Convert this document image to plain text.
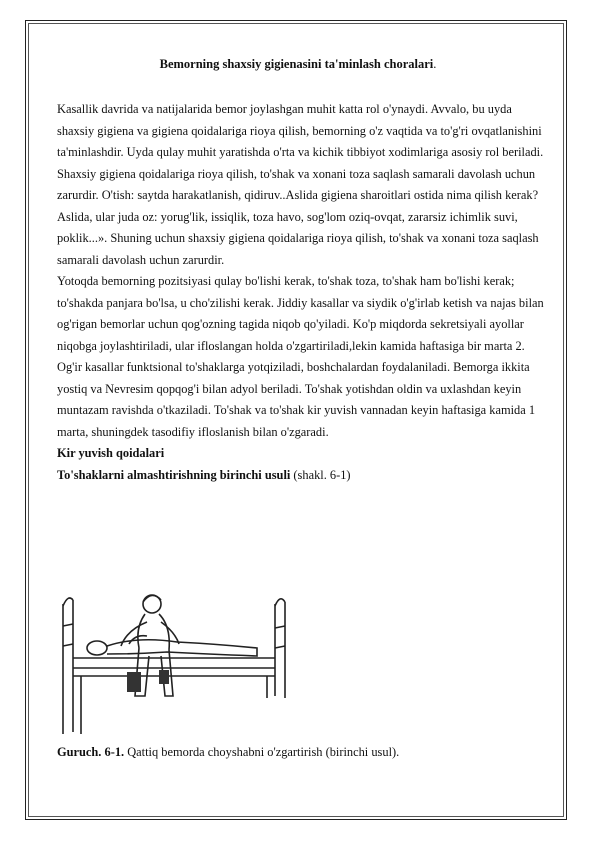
Bemorning shaxsiy gigienasini ta'minlash choralari.

Kasallik davrida va natijalarida bemor joylashgan muhit katta rol o'ynaydi. Avvalo, bu uyda shaxsiy gigiena va gigiena qoidalariga rioya qilish, bemorning o'z vaqtida va to'g'ri ovqatlanishini ta'minlashdir. Uyda qulay muhit yaratishda o'rta va kichik tibbiyot xodimlariga asosiy rol beriladi. Shaxsiy gigiena qoidalariga rioya qilish, to'shak va xonani toza saqlash samarali davolash uchun zarurdir. O'tish: saytda harakatlanish, qidiruv..Aslida gigiena sharoitlari ostida nima qilish kerak? Aslida, ular juda oz: yorug'lik, issiqlik, toza havo, sog'lom oziq-ovqat, zararsiz ichimlik suvi, poklik...». Shuning uchun shaxsiy gigiena qoidalariga rioya qilish, to'shak va xonani toza saqlash samarali davolash uchun zarurdir.

Yotoqda bemorning pozitsiyasi qulay bo'lishi kerak, to'shak toza, to'shak ham bo'lishi kerak; to'shakda panjara bo'lsa, u cho'zilishi kerak. Jiddiy kasallar va siydik o'g'irlab ketish va najas bilan og'rigan bemorlar uchun qog'ozning tagida niqob qo'yiladi. Ko'p miqdorda sekretsiyali ayollar niqobga joylashtiriladi, ular ifloslangan holda o'zgartiriladi,lekin kamida haftasiga bir marta 2. Og'ir kasallar funktsional to'shaklarga yotqiziladi, boshchalardan foydalaniladi. Bemorga ikkita yostiq va Nevresim qopqog'i bilan adyol beriladi. To'shak yotishdan oldin va uxlashdan keyin muntazam ravishda o'tkaziladi. To'shak va to'shak kir yuvish vannadan keyin haftasiga kamida 1 marta, shuningdek tasodifiy ifloslanish bilan o'zgaradi.

Kir yuvish qoidalari

To'shaklarni almashtirishning birinchi usuli (shakl. 6-1)

Guruch. 6-1. Qattiq bemorda choyshabni o'zgartirish (birinchi usul).
